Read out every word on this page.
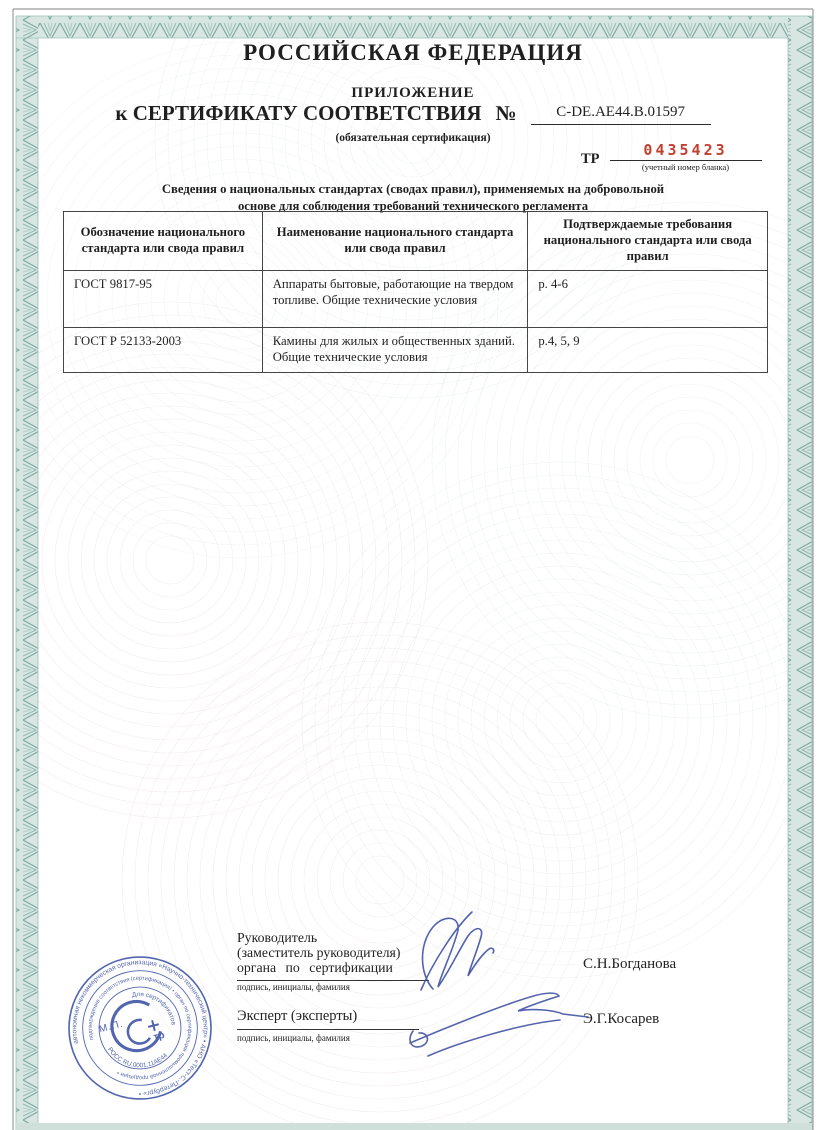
РОССИЙСКАЯ ФЕДЕРАЦИЯ
ПРИЛОЖЕНИЕ
к СЕРТИФИКАТУ СООТВЕТСТВИЯ №	C-DE.AE44.B.01597
(обязательная сертификация)
ТР	0435423
(учетный номер бланка)
Сведения о национальных стандартах (сводах правил), применяемых на добровольной
основе для соблюдения требований технического регламента
Обозначение национального стандарта или свода правил	Наименование национального стандарта или свода правил	Подтверждаемые требования национального стандарта или свода правил
ГОСТ 9817-95	Аппараты бытовые, работающие на твердом топливе. Общие технические условия	р. 4-6
ГОСТ Р 52133-2003	Камины для жилых и общественных зданий. Общие технические условия	р.4, 5, 9
Руководитель
(заместитель руководителя)
органа по сертификации
подпись, инициалы, фамилия
С.Н.Богданова
Эксперт (эксперты)
подпись, инициалы, фамилия
Э.Г.Косарев
автономная некоммерческая организация «Научно-технический центр» • АНО «Тест-С.-Петербург» •
подтверждение соответствия (сертификация) • орган по сертификации промышленной продукции •
Для сертификатов
РОСС RU.0001.11АЕ44
М.П.
тр
